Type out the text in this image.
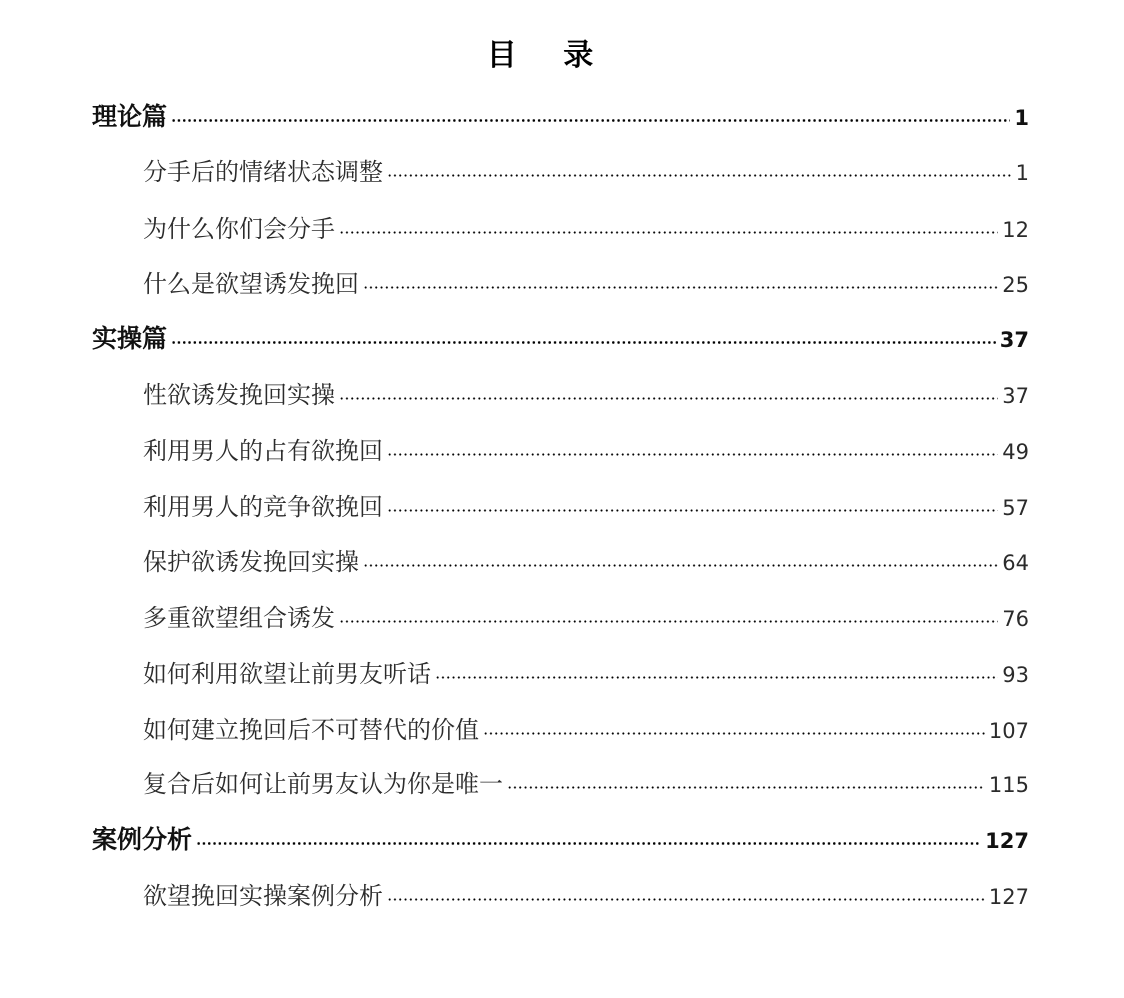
目 录
理论篇	1
分手后的情绪状态调整	1
为什么你们会分手	12
什么是欲望诱发挽回	25
实操篇	37
性欲诱发挽回实操	37
利用男人的占有欲挽回	49
利用男人的竞争欲挽回	57
保护欲诱发挽回实操	64
多重欲望组合诱发	76
如何利用欲望让前男友听话	93
如何建立挽回后不可替代的价值	107
复合后如何让前男友认为你是唯一	115
案例分析	127
欲望挽回实操案例分析	127
